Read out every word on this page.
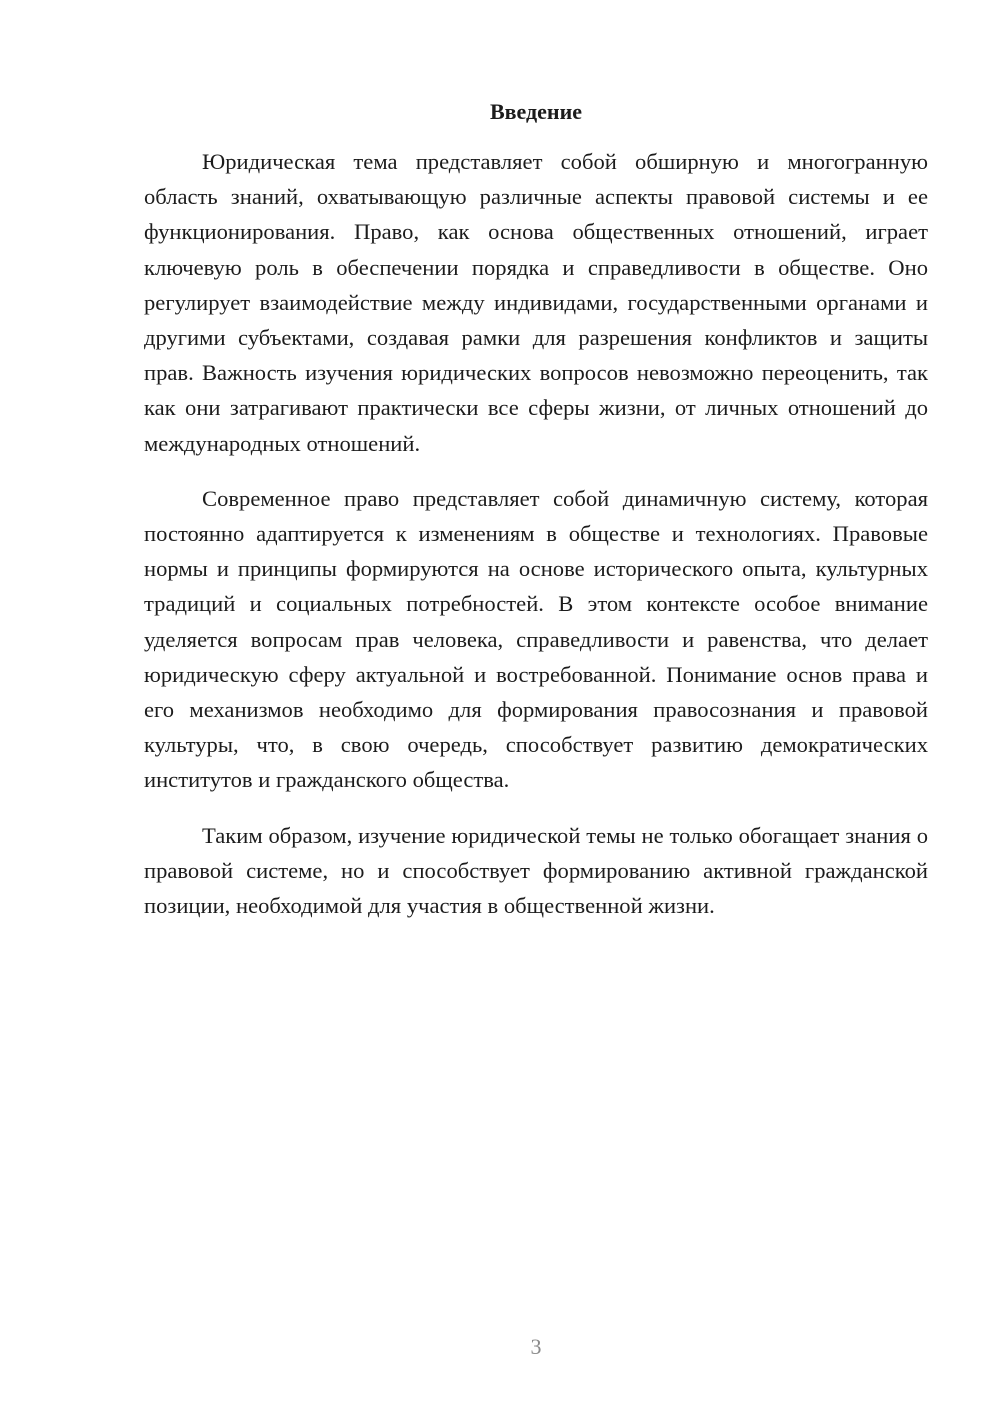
Введение

Юридическая тема представляет собой обширную и многогранную область знаний, охватывающую различные аспекты правовой системы и ее функционирования. Право, как основа общественных отношений, играет ключевую роль в обеспечении порядка и справедливости в обществе. Оно регулирует взаимодействие между индивидами, государственными органами и другими субъектами, создавая рамки для разрешения конфликтов и защиты прав. Важность изучения юридических вопросов невозможно переоценить, так как они затрагивают практически все сферы жизни, от личных отношений до международных отношений.

Современное право представляет собой динамичную систему, которая постоянно адаптируется к изменениям в обществе и технологиях. Правовые нормы и принципы формируются на основе исторического опыта, культурных традиций и социальных потребностей. В этом контексте особое внимание уделяется вопросам прав человека, справедливости и равенства, что делает юридическую сферу актуальной и востребованной. Понимание основ права и его механизмов необходимо для формирования правосознания и правовой культуры, что, в свою очередь, способствует развитию демократических институтов и гражданского общества.

Таким образом, изучение юридической темы не только обогащает знания о правовой системе, но и способствует формированию активной гражданской позиции, необходимой для участия в общественной жизни.

3
